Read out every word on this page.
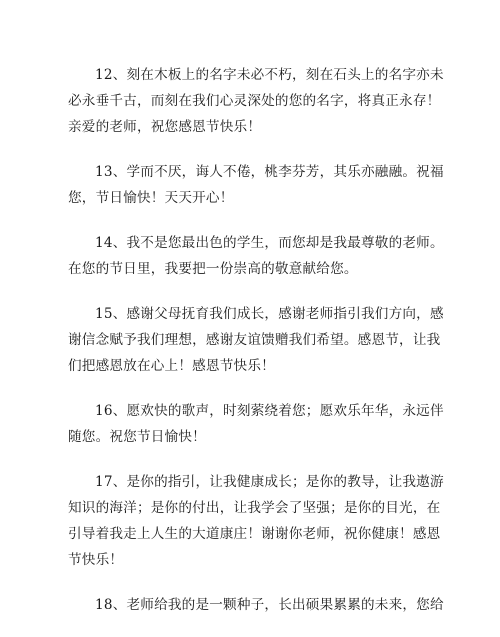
12、刻在木板上的名字未必不朽，刻在石头上的名字亦未
必永垂千古，而刻在我们心灵深处的您的名字，将真正永存！
亲爱的老师，祝您感恩节快乐！

13、学而不厌，诲人不倦，桃李芬芳，其乐亦融融。祝福
您，节日愉快！天天开心！

14、我不是您最出色的学生，而您却是我最尊敬的老师。
在您的节日里，我要把一份崇高的敬意献给您。

15、感谢父母抚育我们成长，感谢老师指引我们方向，感
谢信念赋予我们理想，感谢友谊馈赠我们希望。感恩节，让我
们把感恩放在心上！感恩节快乐！

16、愿欢快的歌声，时刻萦绕着您；愿欢乐年华，永远伴
随您。祝您节日愉快！

17、是你的指引，让我健康成长；是你的教导，让我遨游
知识的海洋；是你的付出，让我学会了坚强；是你的目光，在
引导着我走上人生的大道康庄！谢谢你老师，祝你健康！感恩
节快乐！

18、老师给我的是一颗种子，长出硕果累累的未来，您给
